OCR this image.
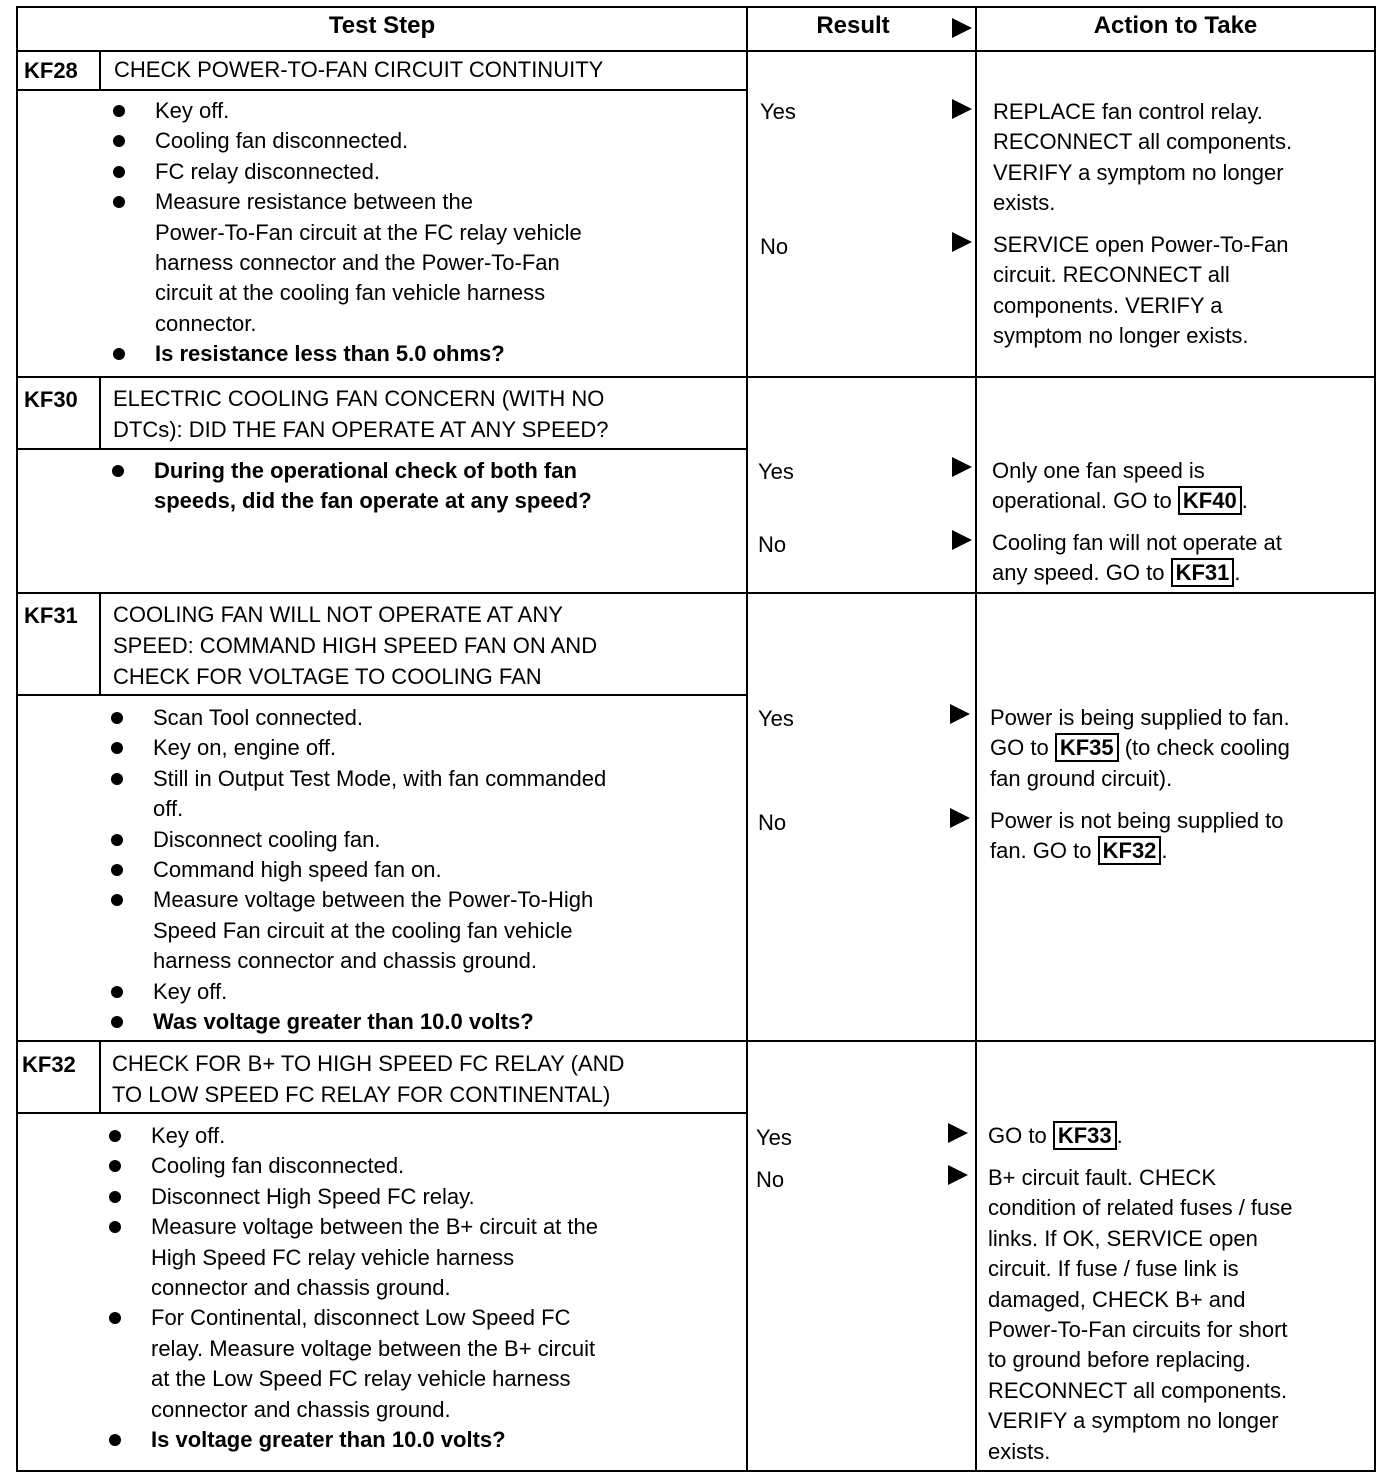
Test Step	Result	Action to Take
KF28 CHECK POWER-TO-FAN CIRCUIT CONTINUITY
Key off.
Cooling fan disconnected.
FC relay disconnected.
Measure resistance between the
Power-To-Fan circuit at the FC relay vehicle
harness connector and the Power-To-Fan
circuit at the cooling fan vehicle harness
connector.
Is resistance less than 5.0 ohms?
Yes	REPLACE fan control relay.
RECONNECT all components.
VERIFY a symptom no longer
exists.
No	SERVICE open Power-To-Fan
circuit. RECONNECT all
components. VERIFY a
symptom no longer exists.
KF30 ELECTRIC COOLING FAN CONCERN (WITH NO
DTCs): DID THE FAN OPERATE AT ANY SPEED?
During the operational check of both fan
speeds, did the fan operate at any speed?
Yes	Only one fan speed is
operational. GO to KF40 .
No	Cooling fan will not operate at
any speed. GO to KF31 .
KF31 COOLING FAN WILL NOT OPERATE AT ANY
SPEED: COMMAND HIGH SPEED FAN ON AND
CHECK FOR VOLTAGE TO COOLING FAN
Scan Tool connected.
Key on, engine off.
Still in Output Test Mode, with fan commanded
off.
Disconnect cooling fan.
Command high speed fan on.
Measure voltage between the Power-To-High
Speed Fan circuit at the cooling fan vehicle
harness connector and chassis ground.
Key off.
Was voltage greater than 10.0 volts?
Yes	Power is being supplied to fan.
GO to KF35 (to check cooling
fan ground circuit).
No	Power is not being supplied to
fan. GO to KF32 .
KF32 CHECK FOR B+ TO HIGH SPEED FC RELAY (AND
TO LOW SPEED FC RELAY FOR CONTINENTAL)
Key off.
Cooling fan disconnected.
Disconnect High Speed FC relay.
Measure voltage between the B+ circuit at the
High Speed FC relay vehicle harness
connector and chassis ground.
For Continental, disconnect Low Speed FC
relay. Measure voltage between the B+ circuit
at the Low Speed FC relay vehicle harness
connector and chassis ground.
Is voltage greater than 10.0 volts?
Yes	GO to KF33 .
No	B+ circuit fault. CHECK
condition of related fuses / fuse
links. If OK, SERVICE open
circuit. If fuse / fuse link is
damaged, CHECK B+ and
Power-To-Fan circuits for short
to ground before replacing.
RECONNECT all components.
VERIFY a symptom no longer
exists.
